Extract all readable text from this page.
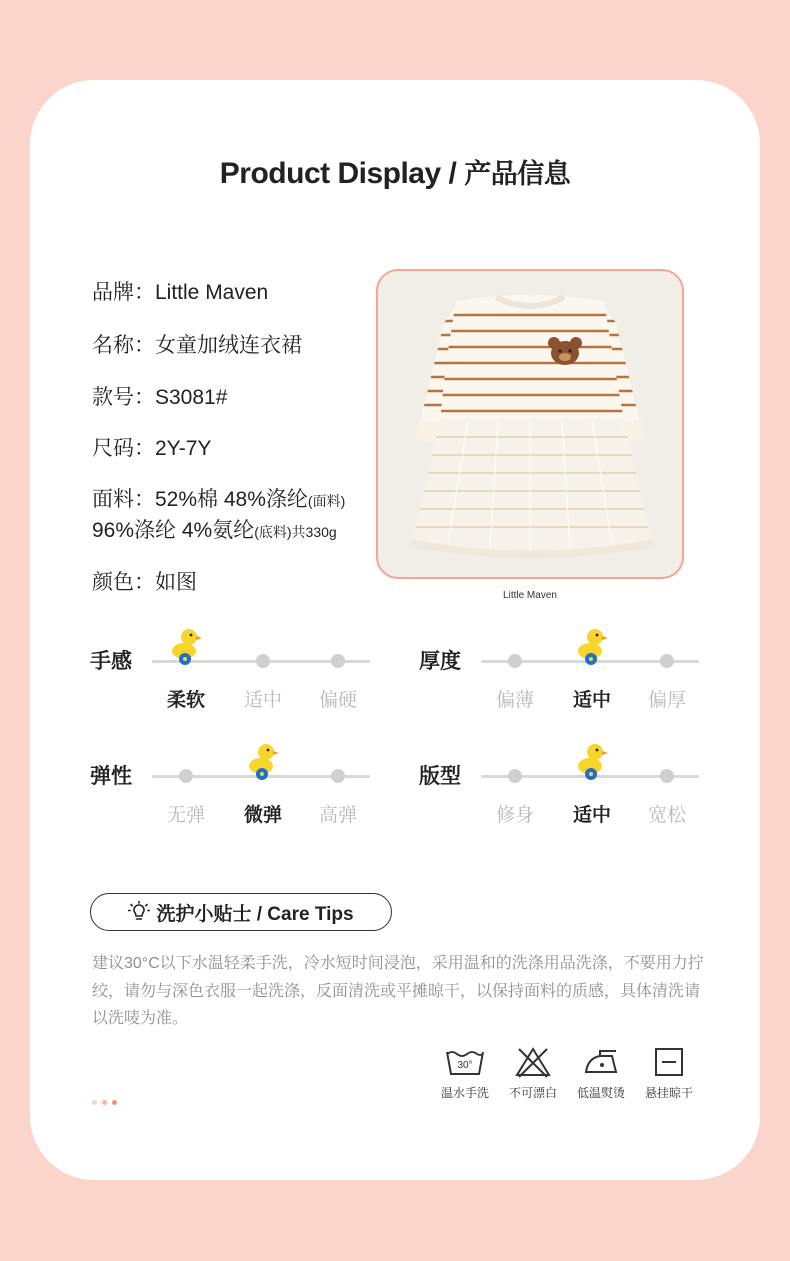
Product Display / 产品信息
品牌：Little Maven
名称：女童加绒连衣裙
款号：S3081#
尺码：2Y-7Y
面料：52%棉 48%涤纶(面料)
96%涤纶 4%氨纶(底料)共330g
颜色：如图
Little Maven
手感
柔软	适中	偏硬
厚度
偏薄	适中	偏厚
弹性
无弹	微弹	高弹
版型
修身	适中	宽松
洗护小贴士 / Care Tips
建议30°C以下水温轻柔手洗，冷水短时间浸泡，采用温和的洗涤用品洗涤，不要用力拧绞，请勿与深色衣服一起洗涤，反面清洗或平摊晾干，以保持面料的质感，具体清洗请以洗唛为准。
30°
温水手洗	不可漂白	低温熨烫	悬挂晾干
